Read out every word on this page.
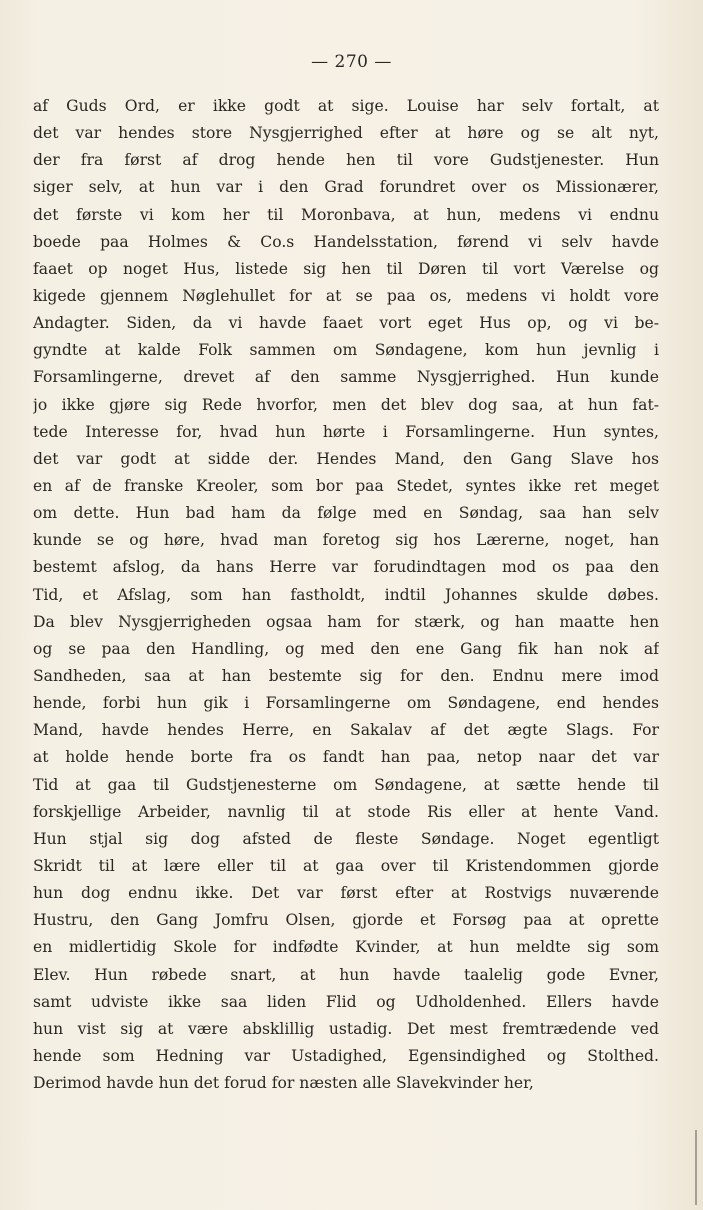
— 270 —
af Guds Ord, er ikke godt at sige. Louise har selv fortalt, at
det var hendes store Nysgjerrighed efter at høre og se alt nyt,
der fra først af drog hende hen til vore Gudstjenester. Hun
siger selv, at hun var i den Grad forundret over os Missionærer,
det første vi kom her til Moronbava, at hun, medens vi endnu
boede paa Holmes & Co.s Handelsstation, førend vi selv havde
faaet op noget Hus, listede sig hen til Døren til vort Værelse og
kigede gjennem Nøglehullet for at se paa os, medens vi holdt vore
Andagter. Siden, da vi havde faaet vort eget Hus op, og vi be-
gyndte at kalde Folk sammen om Søndagene, kom hun jevnlig i
Forsamlingerne, drevet af den samme Nysgjerrighed. Hun kunde
jo ikke gjøre sig Rede hvorfor, men det blev dog saa, at hun fat-
tede Interesse for, hvad hun hørte i Forsamlingerne. Hun syntes,
det var godt at sidde der. Hendes Mand, den Gang Slave hos
en af de franske Kreoler, som bor paa Stedet, syntes ikke ret meget
om dette. Hun bad ham da følge med en Søndag, saa han selv
kunde se og høre, hvad man foretog sig hos Lærerne, noget, han
bestemt afslog, da hans Herre var forudindtagen mod os paa den
Tid, et Afslag, som han fastholdt, indtil Johannes skulde døbes.
Da blev Nysgjerrigheden ogsaa ham for stærk, og han maatte hen
og se paa den Handling, og med den ene Gang fik han nok af
Sandheden, saa at han bestemte sig for den. Endnu mere imod
hende, forbi hun gik i Forsamlingerne om Søndagene, end hendes
Mand, havde hendes Herre, en Sakalav af det ægte Slags. For
at holde hende borte fra os fandt han paa, netop naar det var
Tid at gaa til Gudstjenesterne om Søndagene, at sætte hende til
forskjellige Arbeider, navnlig til at stode Ris eller at hente Vand.
Hun stjal sig dog afsted de fleste Søndage. Noget egentligt
Skridt til at lære eller til at gaa over til Kristendommen gjorde
hun dog endnu ikke. Det var først efter at Rostvigs nuværende
Hustru, den Gang Jomfru Olsen, gjorde et Forsøg paa at oprette
en midlertidig Skole for indfødte Kvinder, at hun meldte sig som
Elev. Hun røbede snart, at hun havde taalelig gode Evner,
samt udviste ikke saa liden Flid og Udholdenhed. Ellers havde
hun vist sig at være absklillig ustadig. Det mest fremtrædende ved
hende som Hedning var Ustadighed, Egensindighed og Stolthed.
Derimod havde hun det forud for næsten alle Slavekvinder her,
